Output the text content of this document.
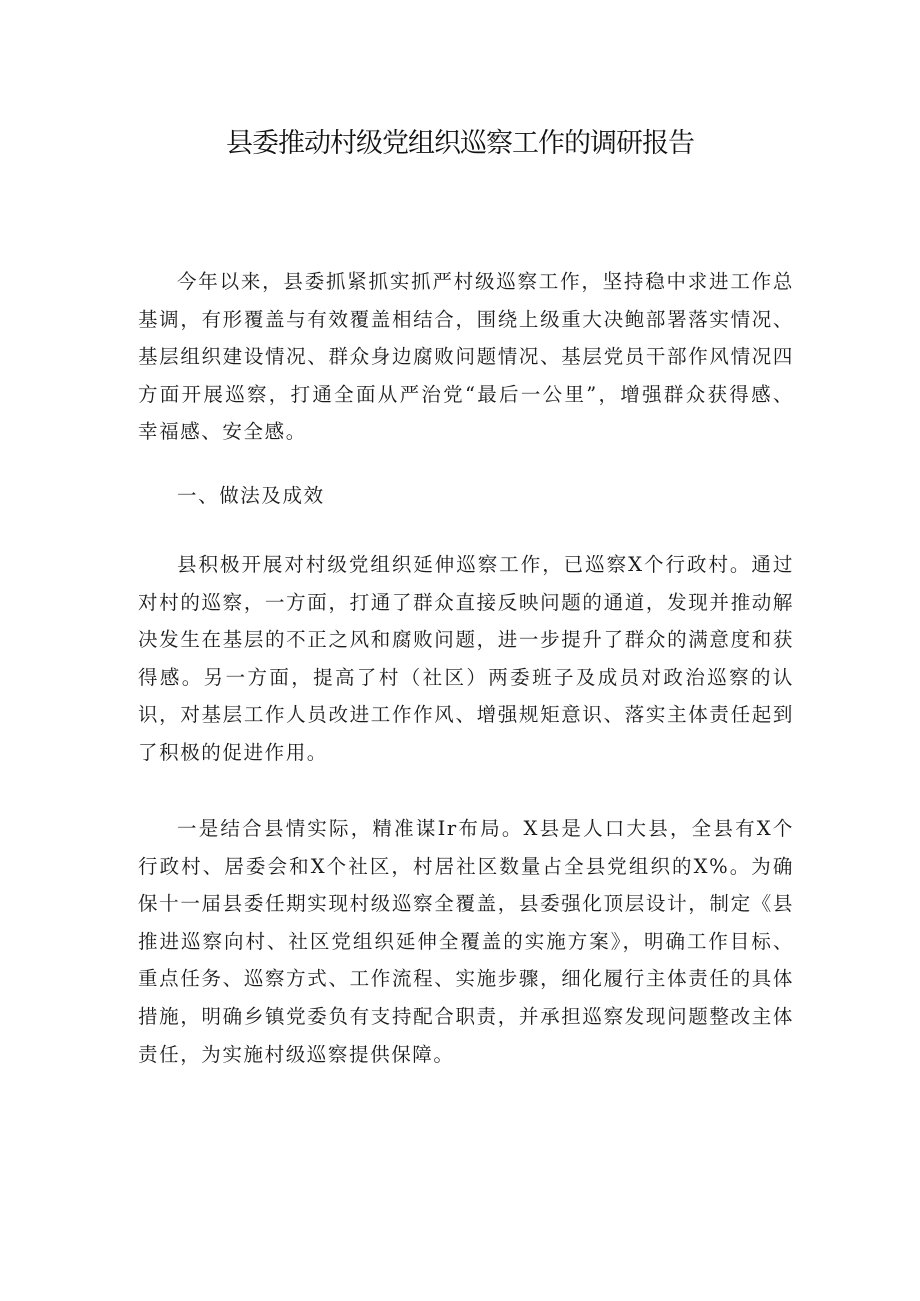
县委推动村级党组织巡察工作的调研报告

今年以来，县委抓紧抓实抓严村级巡察工作，坚持稳中求进工作总基调，有形覆盖与有效覆盖相结合，围绕上级重大决鲍部署落实情况、基层组织建设情况、群众身边腐败问题情况、基层党员干部作风情况四方面开展巡察，打通全面从严治党“最后一公里”，增强群众获得感、幸福感、安全感。

一、做法及成效

县积极开展对村级党组织延伸巡察工作，已巡察X个行政村。通过对村的巡察，一方面，打通了群众直接反映问题的通道，发现并推动解决发生在基层的不正之风和腐败问题，进一步提升了群众的满意度和获得感。另一方面，提高了村（社区）两委班子及成员对政治巡察的认识，对基层工作人员改进工作作风、增强规矩意识、落实主体责任起到了积极的促进作用。

一是结合县情实际，精准谋Ir布局。X县是人口大县，全县有X个行政村、居委会和X个社区，村居社区数量占全县党组织的X%。为确保十一届县委任期实现村级巡察全覆盖，县委强化顶层设计，制定《县推进巡察向村、社区党组织延伸全覆盖的实施方案》，明确工作目标、重点任务、巡察方式、工作流程、实施步骤，细化履行主体责任的具体措施，明确乡镇党委负有支持配合职责，并承担巡察发现问题整改主体责任，为实施村级巡察提供保障。
